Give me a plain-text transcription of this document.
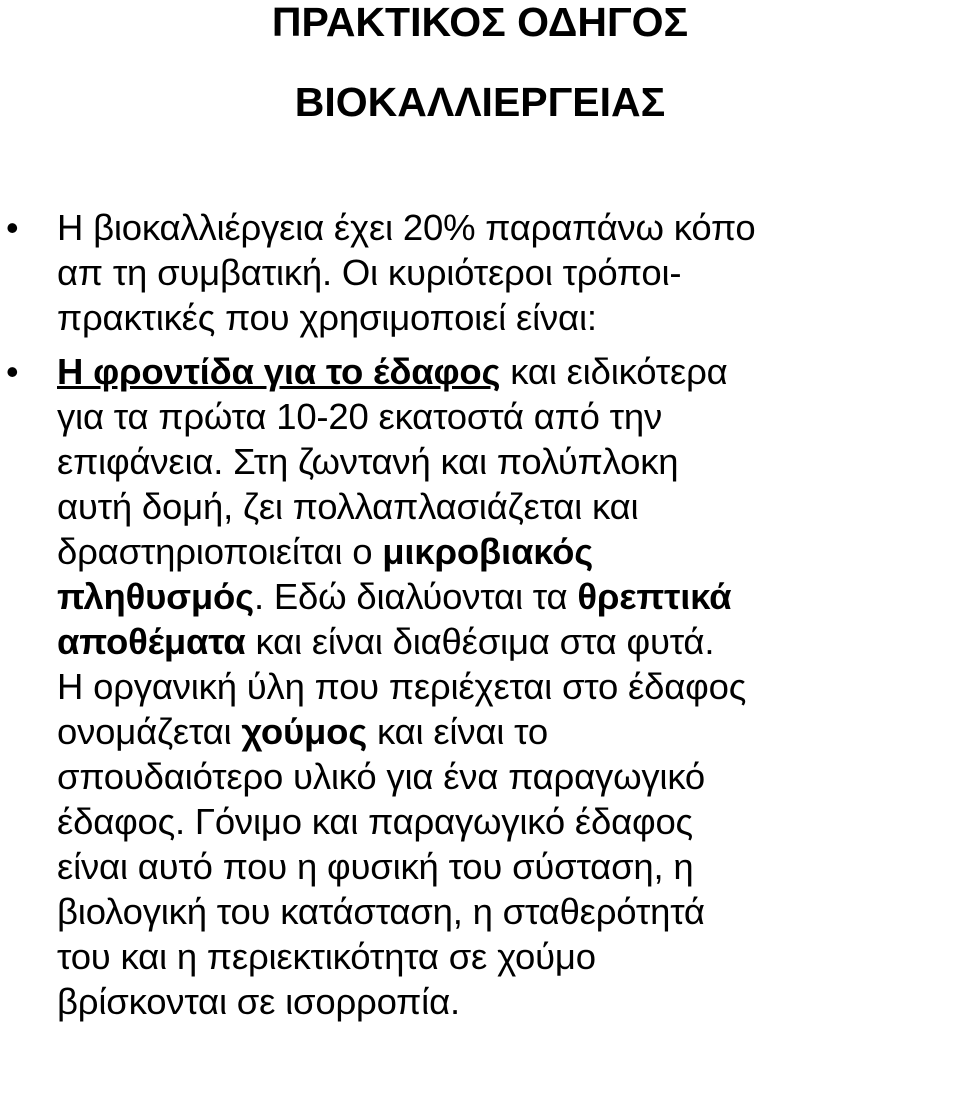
ΠΡΑΚΤΙΚΟΣ ΟΔΗΓΟΣ
ΒΙΟΚΑΛΛΙΕΡΓΕΙΑΣ
• Η βιοκαλλιέργεια έχει 20% παραπάνω κόπο
απ τη συμβατική. Οι κυριότεροι τρόποι-
πρακτικές που χρησιμοποιεί είναι:
• Η φροντίδα για το έδαφος και ειδικότερα
για τα πρώτα 10-20 εκατοστά από την
επιφάνεια. Στη ζωντανή και πολύπλοκη
αυτή δομή, ζει πολλαπλασιάζεται και
δραστηριοποιείται ο μικροβιακός
πληθυσμός. Εδώ διαλύονται τα θρεπτικά
αποθέματα και είναι διαθέσιμα στα φυτά.
Η οργανική ύλη που περιέχεται στο έδαφος
ονομάζεται χούμος και είναι το
σπουδαιότερο υλικό για ένα παραγωγικό
έδαφος. Γόνιμο και παραγωγικό έδαφος
είναι αυτό που η φυσική του σύσταση, η
βιολογική του κατάσταση, η σταθερότητά
του και η περιεκτικότητα σε χούμο
βρίσκονται σε ισορροπία.
